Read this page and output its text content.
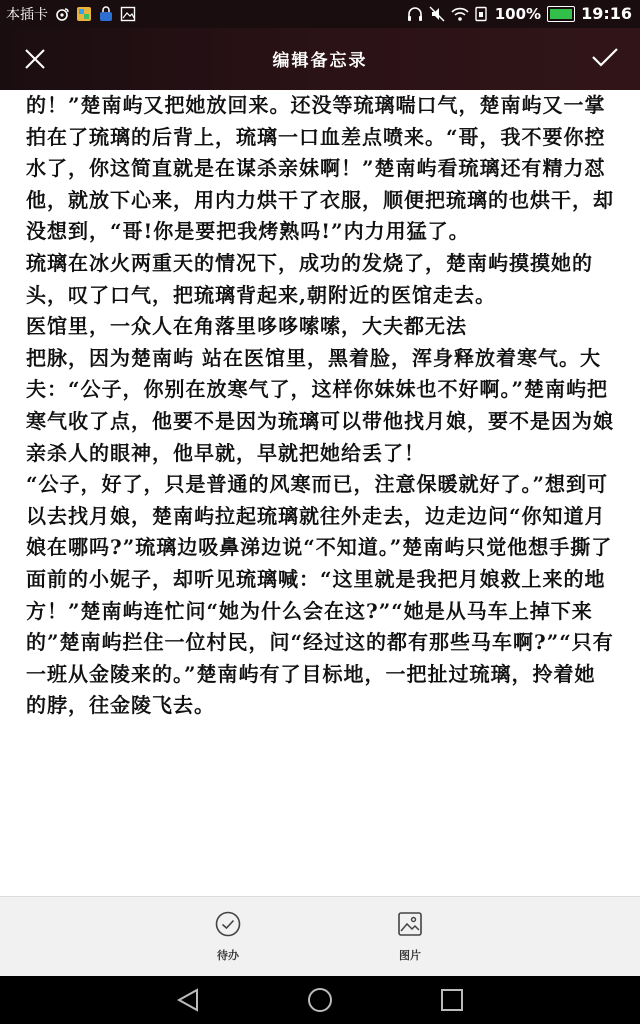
本插卡	100%	19:16
编辑备忘录

的！”楚南屿又把她放回来。还没等琉璃喘口气，楚南屿又一掌拍在了琉璃的后背上，琉璃一口血差点喷来。“哥，我不要你控水了，你这简直就是在谋杀亲妹啊！”楚南屿看琉璃还有精力怼他，就放下心来，用内力烘干了衣服，顺便把琉璃的也烘干，却没想到，“哥!你是要把我烤熟吗!”内力用猛了。

琉璃在冰火两重天的情况下，成功的发烧了，楚南屿摸摸她的头，叹了口气，把琉璃背起来,朝附近的医馆走去。

医馆里，一众人在角落里哆哆嗦嗦，大夫都无法

把脉，因为楚南屿 站在医馆里，黑着脸，浑身释放着寒气。大夫：“公子，你别在放寒气了，这样你妹妹也不好啊。”楚南屿把寒气收了点，他要不是因为琉璃可以带他找月娘，要不是因为娘亲杀人的眼神，他早就，早就把她给丢了！

“公子，好了，只是普通的风寒而已，注意保暖就好了。”想到可以去找月娘，楚南屿拉起琉璃就往外走去，边走边问“你知道月娘在哪吗?”琉璃边吸鼻涕边说“不知道。”楚南屿只觉他想手撕了面前的小妮子，却听见琉璃喊：“这里就是我把月娘救上来的地方！”楚南屿连忙问“她为什么会在这?”“她是从马车上掉下来的”楚南屿拦住一位村民，问“经过这的都有那些马车啊?”“只有一班从金陵来的。”楚南屿有了目标地，一把扯过琉璃，拎着她的脖，往金陵飞去。

待办	图片
